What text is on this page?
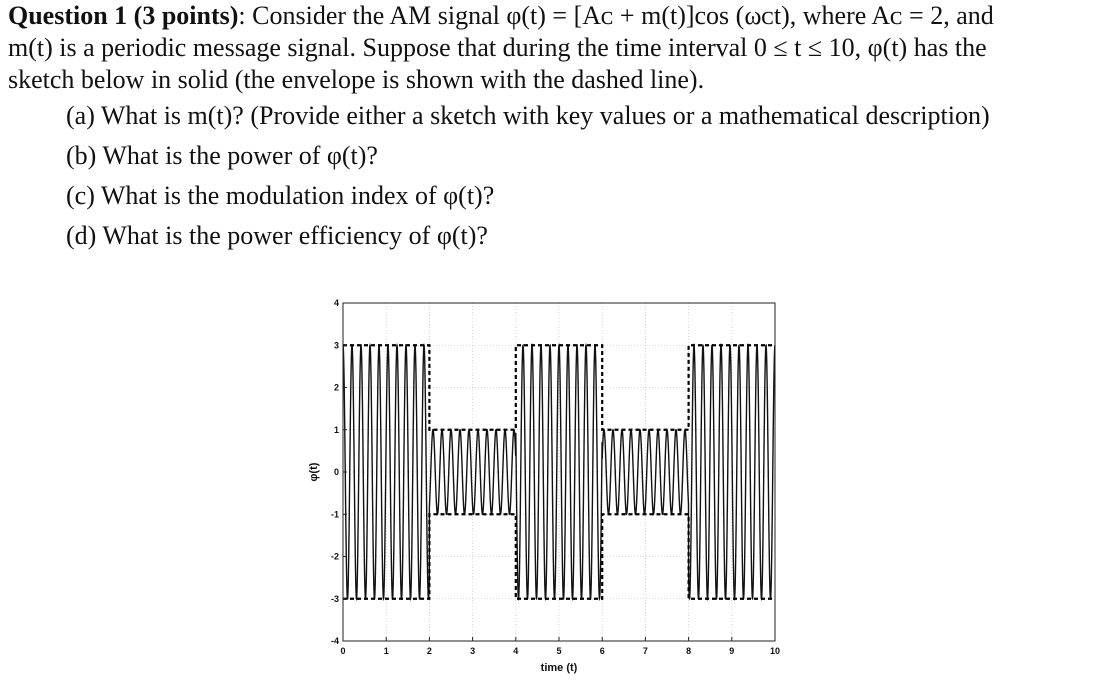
Question 1 (3 points): Consider the AM signal φ(t) = [Aᴄ + m(t)]cos (ωᴄt), where Aᴄ = 2, and
m(t) is a periodic message signal. Suppose that during the time interval 0 ≤ t ≤ 10, φ(t) has the
sketch below in solid (the envelope is shown with the dashed line).
(a) What is m(t)? (Provide either a sketch with key values or a mathematical description)
(b) What is the power of φ(t)?
(c) What is the modulation index of φ(t)?
(d) What is the power efficiency of φ(t)?
0	1	2	3	4	5	6	7	8	9	10
-4
-3
-2
-1
0
1
2
3
4
time (t)
φ(t)
